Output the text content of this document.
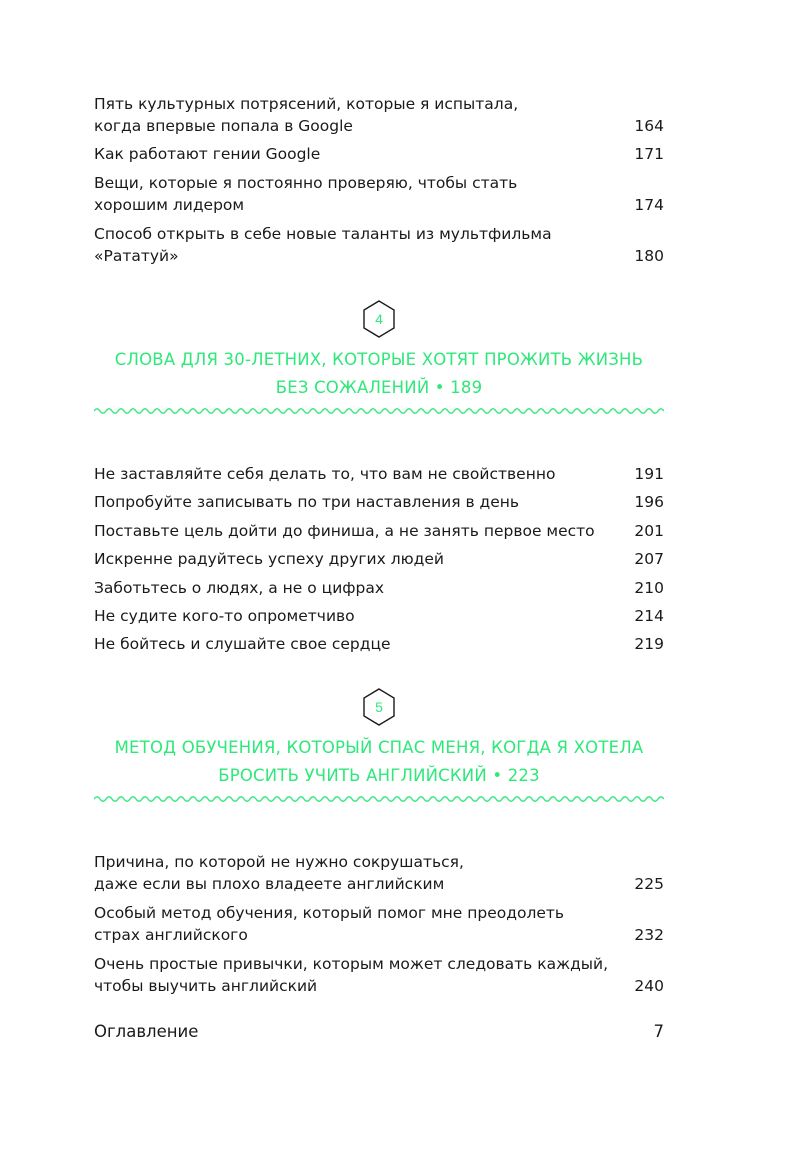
Пять культурных потрясений, которые я испытала,
когда впервые попала в Google	164
Как работают гении Google	171
Вещи, которые я постоянно проверяю, чтобы стать
хорошим лидером	174
Способ открыть в себе новые таланты из мультфильма
«Рататуй»	180
4
СЛОВА ДЛЯ 30-ЛЕТНИХ, КОТОРЫЕ ХОТЯТ ПРОЖИТЬ ЖИЗНЬ
БЕЗ СОЖАЛЕНИЙ • 189
Не заставляйте себя делать то, что вам не свойственно	191
Попробуйте записывать по три наставления в день	196
Поставьте цель дойти до финиша, а не занять первое место	201
Искренне радуйтесь успеху других людей	207
Заботьтесь о людях, а не о цифрах	210
Не судите кого-то опрометчиво	214
Не бойтесь и слушайте свое сердце	219
5
МЕТОД ОБУЧЕНИЯ, КОТОРЫЙ СПАС МЕНЯ, КОГДА Я ХОТЕЛА
БРОСИТЬ УЧИТЬ АНГЛИЙСКИЙ • 223
Причина, по которой не нужно сокрушаться,
даже если вы плохо владеете английским	225
Особый метод обучения, который помог мне преодолеть
страх английского	232
Очень простые привычки, которым может следовать каждый,
чтобы выучить английский	240
Оглавление	7
